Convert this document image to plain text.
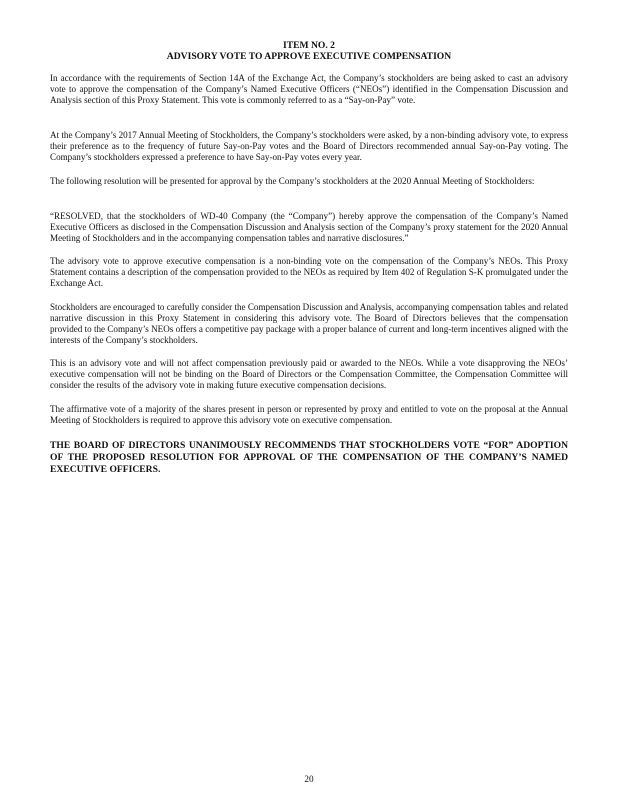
ITEM NO. 2
ADVISORY VOTE TO APPROVE EXECUTIVE COMPENSATION

In accordance with the requirements of Section 14A of the Exchange Act, the Company’s stockholders are being asked to cast an advisory vote to approve the compensation of the Company’s Named Executive Officers (“NEOs”) identified in the Compensation Discussion and Analysis section of this Proxy Statement. This vote is commonly referred to as a “Say-on-Pay” vote.

At the Company’s 2017 Annual Meeting of Stockholders, the Company’s stockholders were asked, by a non-binding advisory vote, to express their preference as to the frequency of future Say-on-Pay votes and the Board of Directors recommended annual Say-on-Pay voting. The Company’s stockholders expressed a preference to have Say-on-Pay votes every year.

The following resolution will be presented for approval by the Company’s stockholders at the 2020 Annual Meeting of Stockholders:

“RESOLVED, that the stockholders of WD-40 Company (the “Company”) hereby approve the compensation of the Company’s Named Executive Officers as disclosed in the Compensation Discussion and Analysis section of the Company’s proxy statement for the 2020 Annual Meeting of Stockholders and in the accompanying compensation tables and narrative disclosures.”

The advisory vote to approve executive compensation is a non-binding vote on the compensation of the Company’s NEOs. This Proxy Statement contains a description of the compensation provided to the NEOs as required by Item 402 of Regulation S-K promulgated under the Exchange Act.

Stockholders are encouraged to carefully consider the Compensation Discussion and Analysis, accompanying compensation tables and related narrative discussion in this Proxy Statement in considering this advisory vote. The Board of Directors believes that the compensation provided to the Company’s NEOs offers a competitive pay package with a proper balance of current and long-term incentives aligned with the interests of the Company’s stockholders.

This is an advisory vote and will not affect compensation previously paid or awarded to the NEOs. While a vote disapproving the NEOs’ executive compensation will not be binding on the Board of Directors or the Compensation Committee, the Compensation Committee will consider the results of the advisory vote in making future executive compensation decisions.

The affirmative vote of a majority of the shares present in person or represented by proxy and entitled to vote on the proposal at the Annual Meeting of Stockholders is required to approve this advisory vote on executive compensation.

THE BOARD OF DIRECTORS UNANIMOUSLY RECOMMENDS THAT STOCKHOLDERS VOTE “FOR” ADOPTION OF THE PROPOSED RESOLUTION FOR APPROVAL OF THE COMPENSATION OF THE COMPANY’S NAMED EXECUTIVE OFFICERS.

20
